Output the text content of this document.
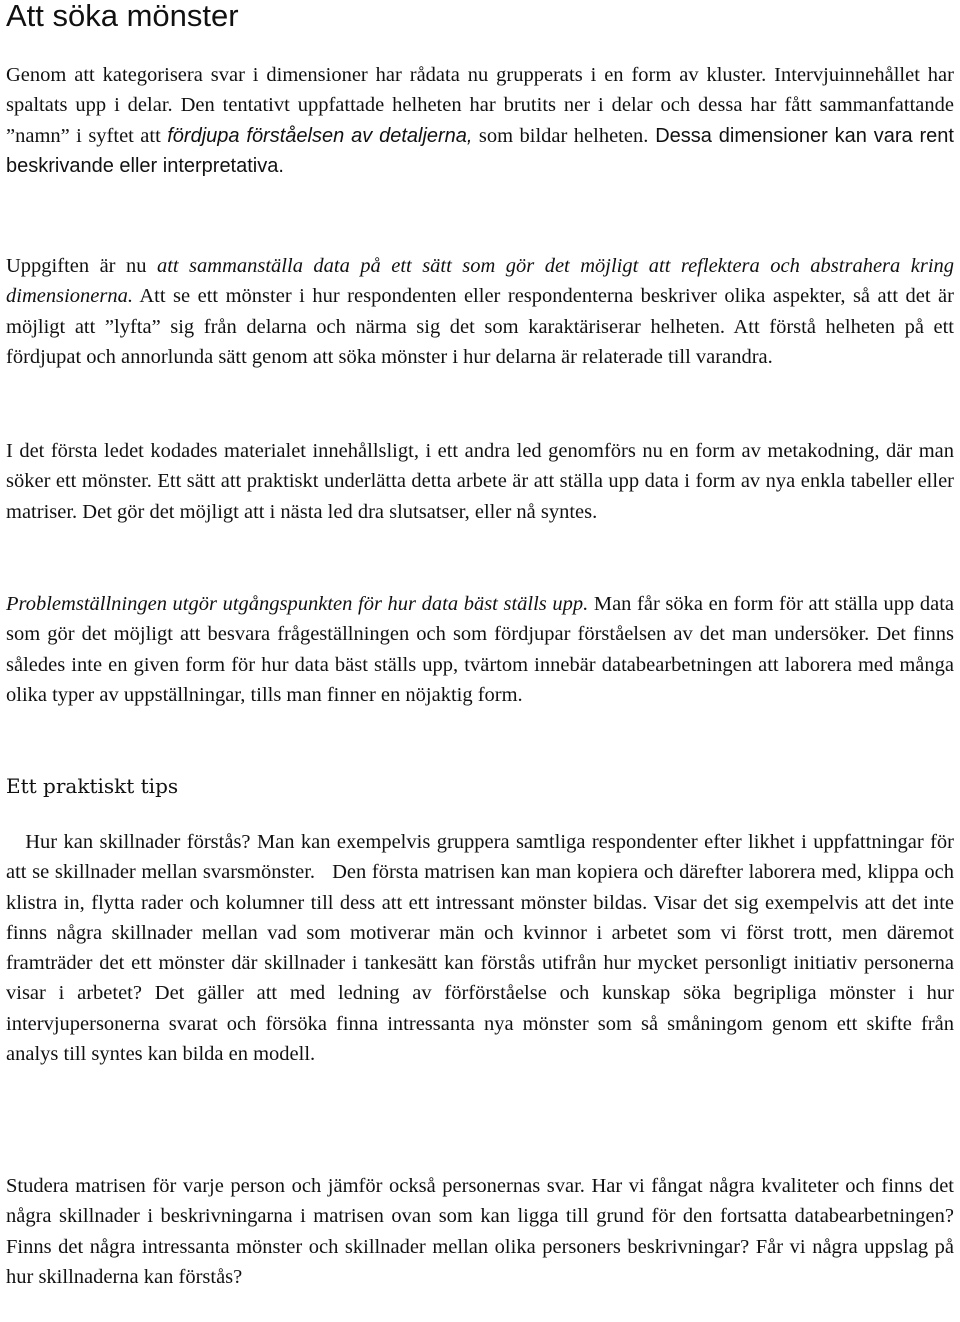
Att söka mönster

Genom att kategorisera svar i dimensioner har rådata nu grupperats i en form av kluster. Intervjuinnehållet har spaltats upp i delar. Den tentativt uppfattade helheten har brutits ner i delar och dessa har fått sammanfattande ”namn” i syftet att fördjupa förståelsen av detaljerna, som bildar helheten. Dessa dimensioner kan vara rent beskrivande eller interpretativa.

Uppgiften är nu att sammanställa data på ett sätt som gör det möjligt att reflektera och abstrahera kring dimensionerna. Att se ett mönster i hur respondenten eller respondenterna beskriver olika aspekter, så att det är möjligt att ”lyfta” sig från delarna och närma sig det som karaktäriserar helheten. Att förstå helheten på ett fördjupat och annorlunda sätt genom att söka mönster i hur delarna är relaterade till varandra.

I det första ledet kodades materialet innehållsligt, i ett andra led genomförs nu en form av metakodning, där man söker ett mönster. Ett sätt att praktiskt underlätta detta arbete är att ställa upp data i form av nya enkla tabeller eller matriser. Det gör det möjligt att i nästa led dra slutsatser, eller nå syntes.

Problemställningen utgör utgångspunkten för hur data bäst ställs upp. Man får söka en form för att ställa upp data som gör det möjligt att besvara frågeställningen och som fördjupar förståelsen av det man undersöker. Det finns således inte en given form för hur data bäst ställs upp, tvärtom innebär databearbetningen att laborera med många olika typer av uppställningar, tills man finner en nöjaktig form.

Ett praktiskt tips

Hur kan skillnader förstås? Man kan exempelvis gruppera samtliga respondenter efter likhet i uppfattningar för att se skillnader mellan svarsmönster.   Den första matrisen kan man kopiera och därefter laborera med, klippa och klistra in, flytta rader och kolumner till dess att ett intressant mönster bildas. Visar det sig exempelvis att det inte finns några skillnader mellan vad som motiverar män och kvinnor i arbetet som vi först trott, men däremot framträder det ett mönster där skillnader i tankesätt kan förstås utifrån hur mycket personligt initiativ personerna visar i arbetet? Det gäller att med ledning av förförståelse och kunskap söka begripliga mönster i hur intervjupersonerna svarat och försöka finna intressanta nya mönster som så småningom genom ett skifte från analys till syntes kan bilda en modell.

Studera matrisen för varje person och jämför också personernas svar. Har vi fångat några kvaliteter och finns det några skillnader i beskrivningarna i matrisen ovan som kan ligga till grund för den fortsatta databearbetningen? Finns det några intressanta mönster och skillnader mellan olika personers beskrivningar? Får vi några uppslag på hur skillnaderna kan förstås?
